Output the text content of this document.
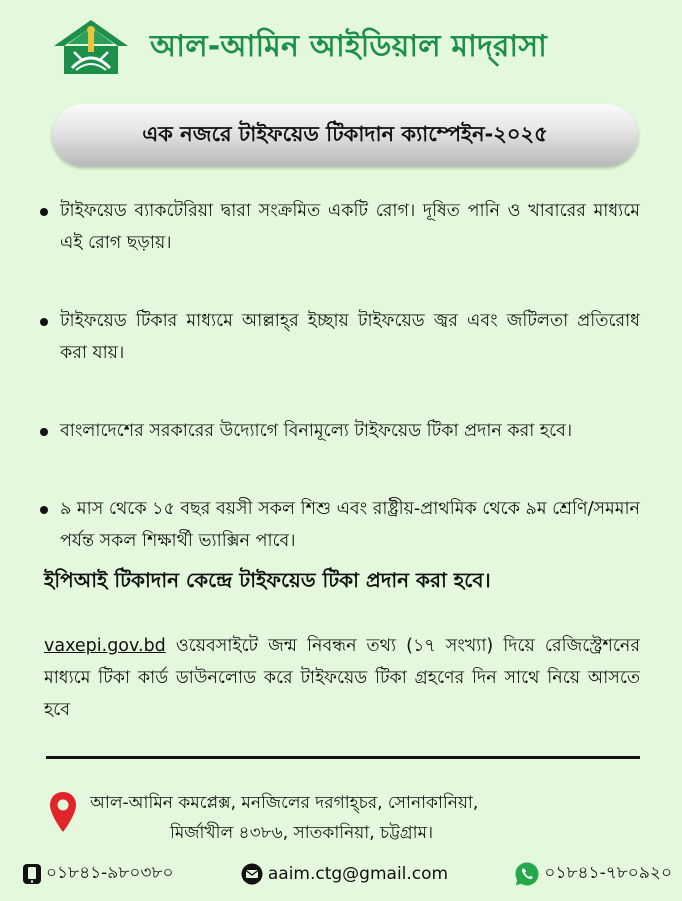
আল-আমিন আইডিয়াল মাদ্‌রাসা
এক নজরে টাইফয়েড টিকাদান ক্যাম্পেইন-২০২৫
টাইফয়েড ব্যাকটেরিয়া দ্বারা সংক্রমিত একটি রোগ। দূষিত পানি ও খাবারের মাধ্যমে এই রোগ ছড়ায়।
টাইফয়েড টিকার মাধ্যমে আল্লাহ্‌র ইচ্ছায় টাইফয়েড জ্বর এবং জটিলতা প্রতিরোধ করা যায়।
বাংলাদেশের সরকারের উদ্যোগে বিনামূল্যে টাইফয়েড টিকা প্রদান করা হবে।
৯ মাস থেকে ১৫ বছর বয়সী সকল শিশু এবং রাষ্ট্রীয়-প্রাথমিক থেকে ৯ম শ্রেণি/সমমান পর্যন্ত সকল শিক্ষার্থী ভ্যাক্সিন পাবে।
ইপিআই টিকাদান কেন্দ্রে টাইফয়েড টিকা প্রদান করা হবে।
vaxepi.gov.bd ওয়েবসাইটে জন্ম নিবন্ধন তথ্য (১৭ সংখ্যা) দিয়ে রেজিস্ট্রেশনের মাধ্যমে টিকা কার্ড ডাউনলোড করে টাইফয়েড টিকা গ্রহণের দিন সাথে নিয়ে আসতে হবে
আল-আমিন কমপ্লেক্স, মনজিলের দরগাহ্‌চর, সোনাকানিয়া,
মির্জাখীল ৪৩৮৬, সাতকানিয়া, চট্টগ্রাম।
০১৮৪১-৯৮০৩৮০	aaim.ctg@gmail.com	০১৮৪১-৭৮০৯২০
